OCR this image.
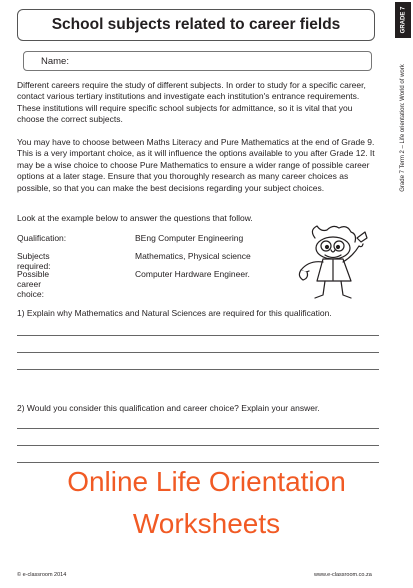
School subjects related to career fields
Name:
GRADE 7
Grade 7 Term 2 – Life orientation: World of work

Different careers require the study of different subjects. In order to study for a specific career, contact various tertiary institutions and investigate each institution's entrance requirements. These institutions will require specific school subjects for admittance, so it is vital that you choose the correct subjects.

You may have to choose between Maths Literacy and Pure Mathematics at the end of Grade 9. This is a very important choice, as it will influence the options available to you after Grade 12. It may be a wise choice to choose Pure Mathematics to ensure a wider range of possible career options at a later stage. Ensure that you thoroughly research as many career choices as possible, so that you can make the best decisions regarding your subject choices.

Look at the example below to answer the questions that follow.

Qualification:	BEng Computer Engineering
Subjects required:
Mathematics, Physical science
Possible career choice:
Computer Hardware Engineer.
1) Explain why Mathematics and Natural Sciences are required for this qualification.
2) Would you consider this qualification and career choice? Explain your answer.
Online Life Orientation
Worksheets
© e-classroom 2014	www.e-classroom.co.za
